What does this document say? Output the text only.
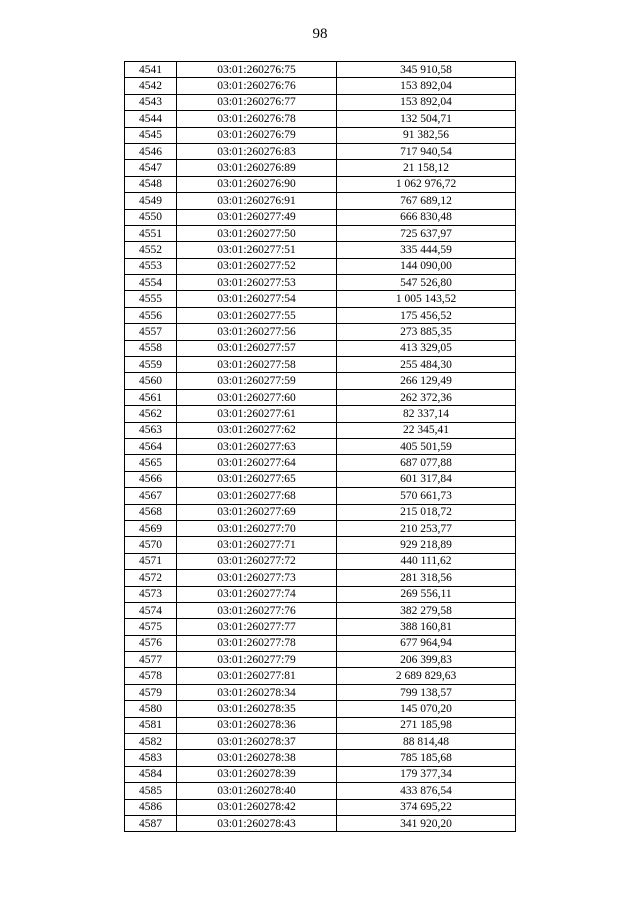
98
4541	03:01:260276:75	345 910,58
4542	03:01:260276:76	153 892,04
4543	03:01:260276:77	153 892,04
4544	03:01:260276:78	132 504,71
4545	03:01:260276:79	91 382,56
4546	03:01:260276:83	717 940,54
4547	03:01:260276:89	21 158,12
4548	03:01:260276:90	1 062 976,72
4549	03:01:260276:91	767 689,12
4550	03:01:260277:49	666 830,48
4551	03:01:260277:50	725 637,97
4552	03:01:260277:51	335 444,59
4553	03:01:260277:52	144 090,00
4554	03:01:260277:53	547 526,80
4555	03:01:260277:54	1 005 143,52
4556	03:01:260277:55	175 456,52
4557	03:01:260277:56	273 885,35
4558	03:01:260277:57	413 329,05
4559	03:01:260277:58	255 484,30
4560	03:01:260277:59	266 129,49
4561	03:01:260277:60	262 372,36
4562	03:01:260277:61	82 337,14
4563	03:01:260277:62	22 345,41
4564	03:01:260277:63	405 501,59
4565	03:01:260277:64	687 077,88
4566	03:01:260277:65	601 317,84
4567	03:01:260277:68	570 661,73
4568	03:01:260277:69	215 018,72
4569	03:01:260277:70	210 253,77
4570	03:01:260277:71	929 218,89
4571	03:01:260277:72	440 111,62
4572	03:01:260277:73	281 318,56
4573	03:01:260277:74	269 556,11
4574	03:01:260277:76	382 279,58
4575	03:01:260277:77	388 160,81
4576	03:01:260277:78	677 964,94
4577	03:01:260277:79	206 399,83
4578	03:01:260277:81	2 689 829,63
4579	03:01:260278:34	799 138,57
4580	03:01:260278:35	145 070,20
4581	03:01:260278:36	271 185,98
4582	03:01:260278:37	88 814,48
4583	03:01:260278:38	785 185,68
4584	03:01:260278:39	179 377,34
4585	03:01:260278:40	433 876,54
4586	03:01:260278:42	374 695,22
4587	03:01:260278:43	341 920,20
